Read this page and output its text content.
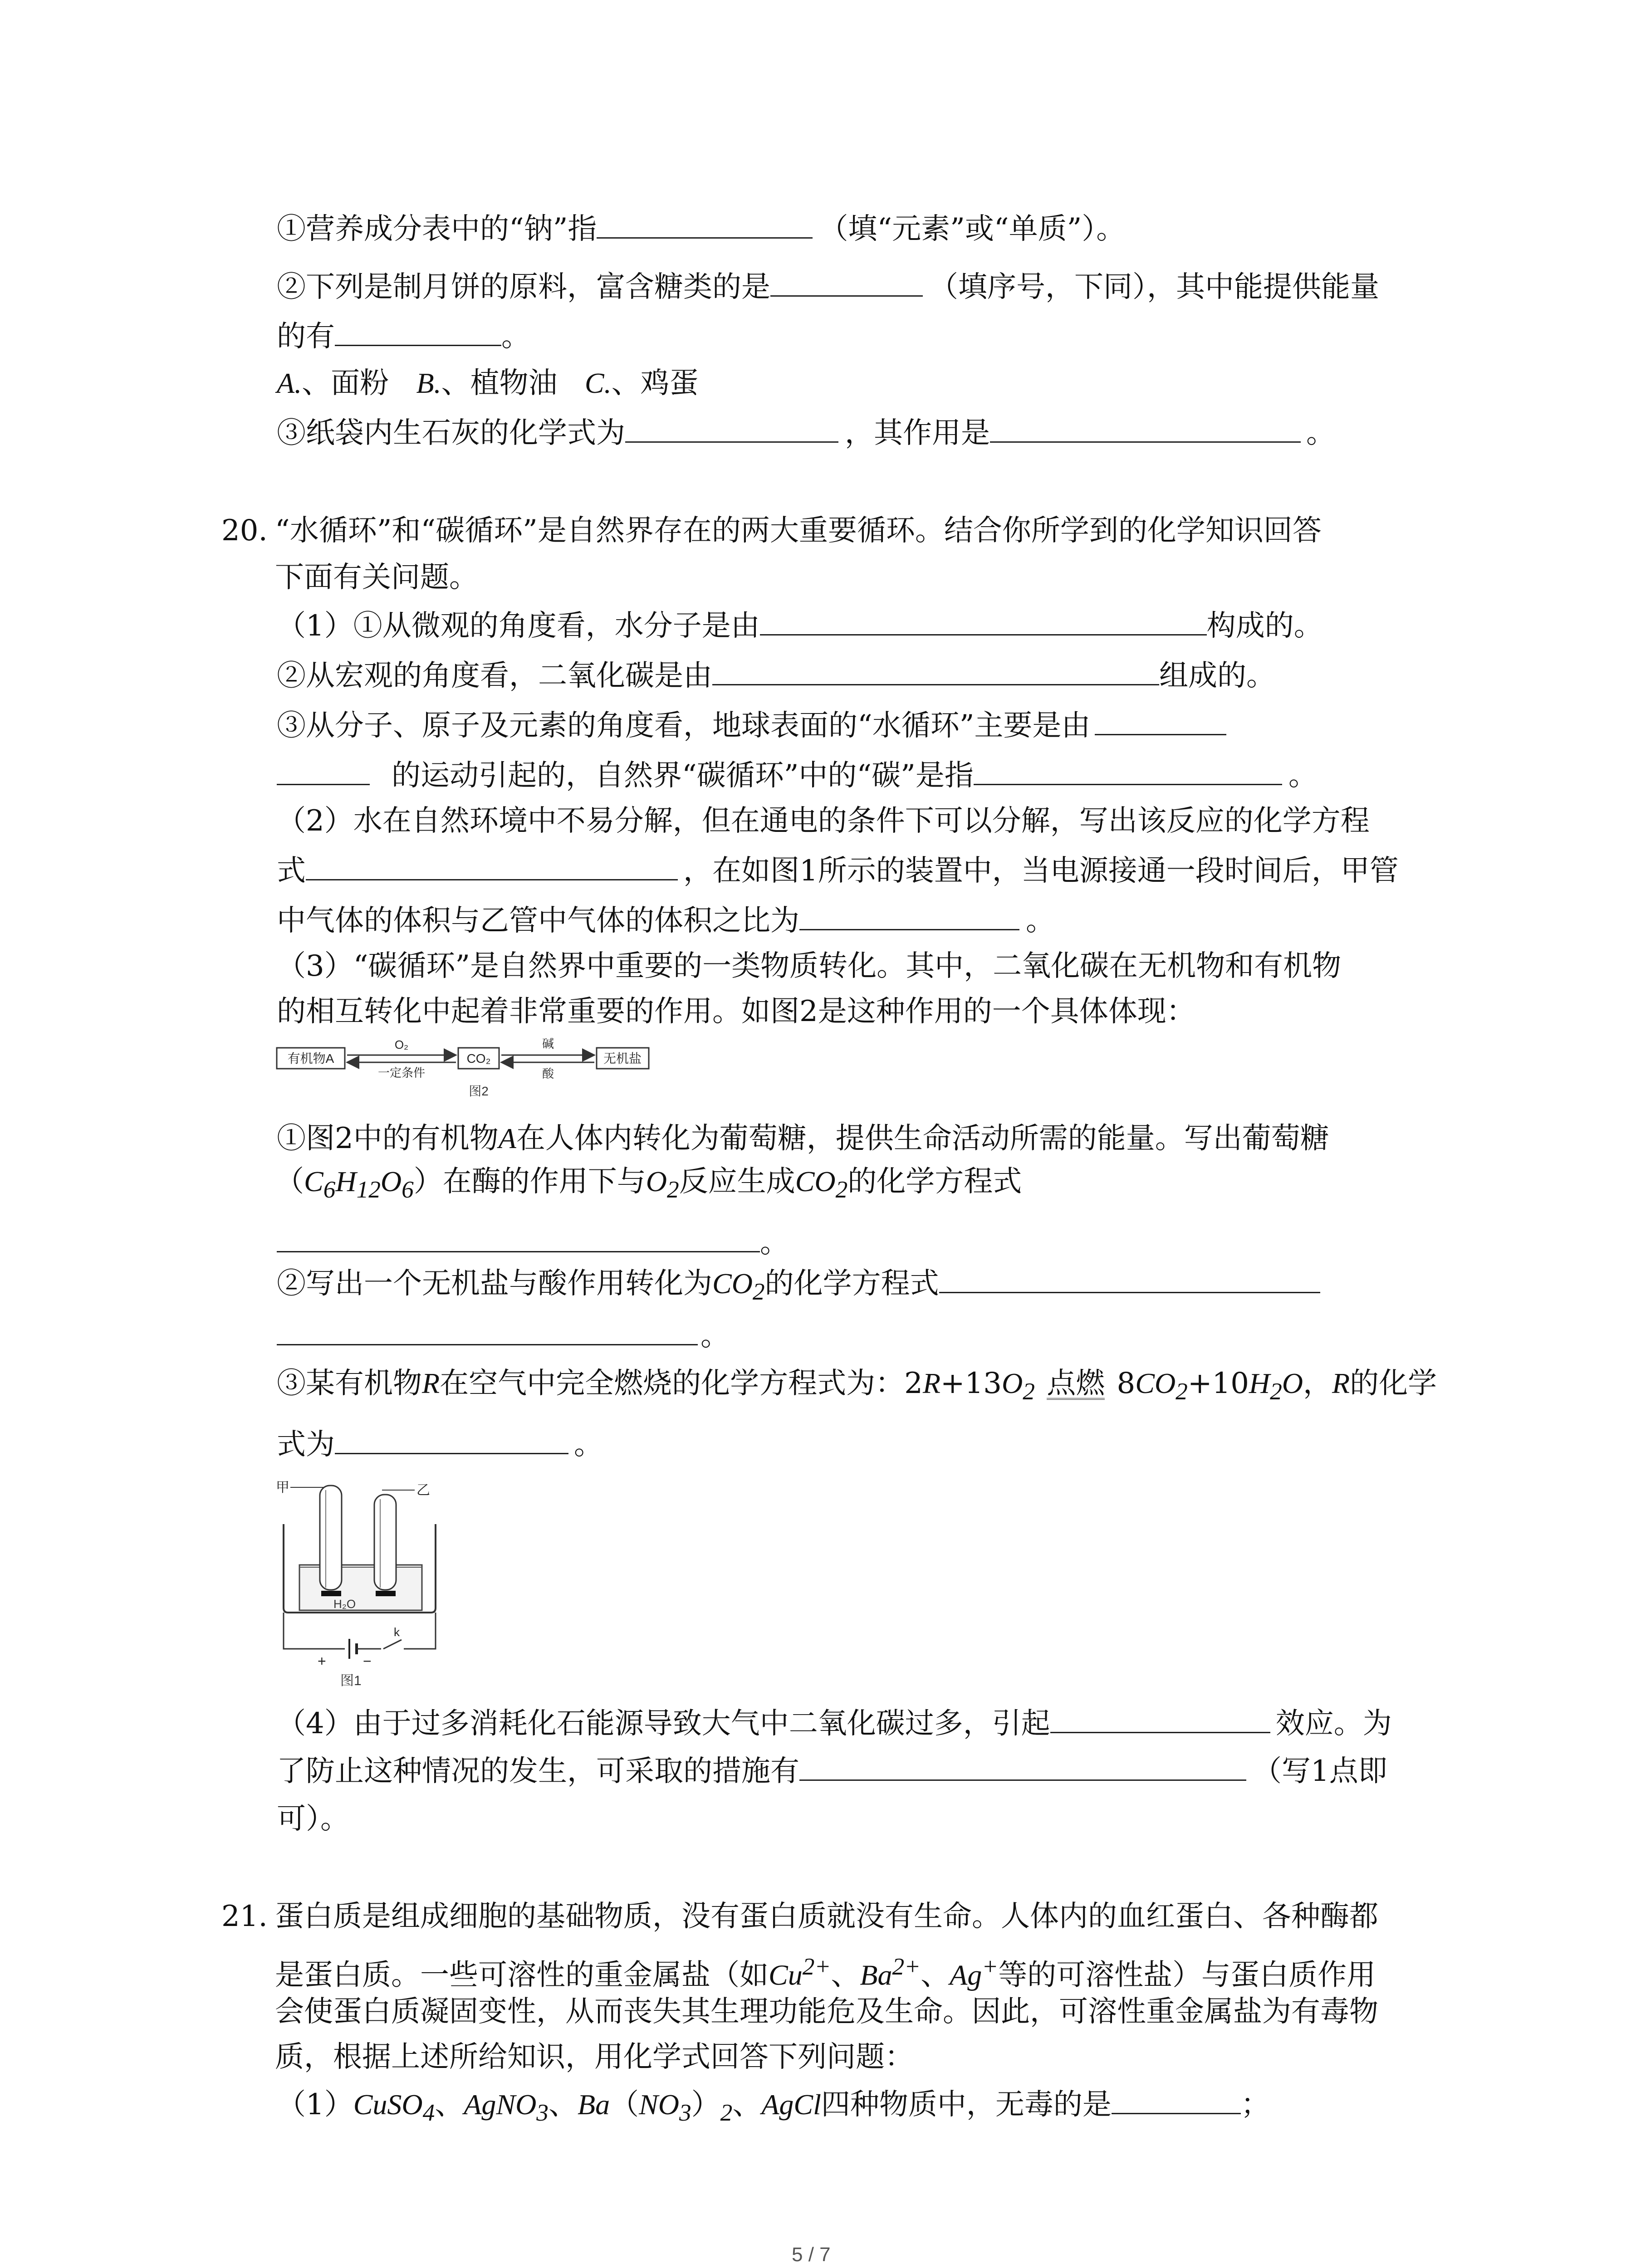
①营养成分表中的“钠”指	（填“元素”或“单质”）。
②下列是制月饼的原料，富含糖类的是	（填序号，下同），其中能提供能量
的有	。
A.、面粉 B.、植物油 C.、鸡蛋
③纸袋内生石灰的化学式为	，其作用是	。
20. “水循环”和“碳循环”是自然界存在的两大重要循环。结合你所学到的化学知识回答
下面有关问题。
（1）①从微观的角度看，水分子是由	构成的。
②从宏观的角度看，二氧化碳是由	组成的。
③从分子、原子及元素的角度看，地球表面的“水循环”主要是由
的运动引起的，自然界“碳循环”中的“碳”是指	。
（2）水在自然环境中不易分解，但在通电的条件下可以分解，写出该反应的化学方程
式	，在如图1所示的装置中，当电源接通一段时间后，甲管
中气体的体积与乙管中气体的体积之比为	。
（3）“碳循环”是自然界中重要的一类物质转化。其中，二氧化碳在无机物和有机物
的相互转化中起着非常重要的作用。如图2是这种作用的一个具体体现：
有机物A
O₂
一定条件
CO₂
碱
酸
无机盐
图2
①图2中的有机物A在人体内转化为葡萄糖，提供生命活动所需的能量。写出葡萄糖
$(C_6H_{12}O_6)$在酶的作用下与$O_2$反应生成$CO_2$的化学方程式
。
②写出一个无机盐与酸作用转化为$CO_2$的化学方程式
。
③某有机物R在空气中完全燃烧的化学方程式为：$2R+13O_2$ 点燃 $8CO_2+10H_2O$，R的化学
式为	。
甲	乙
H₂O
k
+	−
图1
（4）由于过多消耗化石能源导致大气中二氧化碳过多，引起	效应。为
了防止这种情况的发生，可采取的措施有	（写1点即
可）。
21. 蛋白质是组成细胞的基础物质，没有蛋白质就没有生命。人体内的血红蛋白、各种酶都
是蛋白质。一些可溶性的重金属盐（如$Cu^{2+}$、$Ba^{2+}$、Ag+等的可溶性盐）与蛋白质作用
会使蛋白质凝固变性，从而丧失其生理功能危及生命。因此，可溶性重金属盐为有毒物
质，根据上述所给知识，用化学式回答下列问题：
（1）CuSO$_4$、AgNO$_3$、$Ba(NO_3)_2$、AgCl四种物质中，无毒的是	；
5 / 7
